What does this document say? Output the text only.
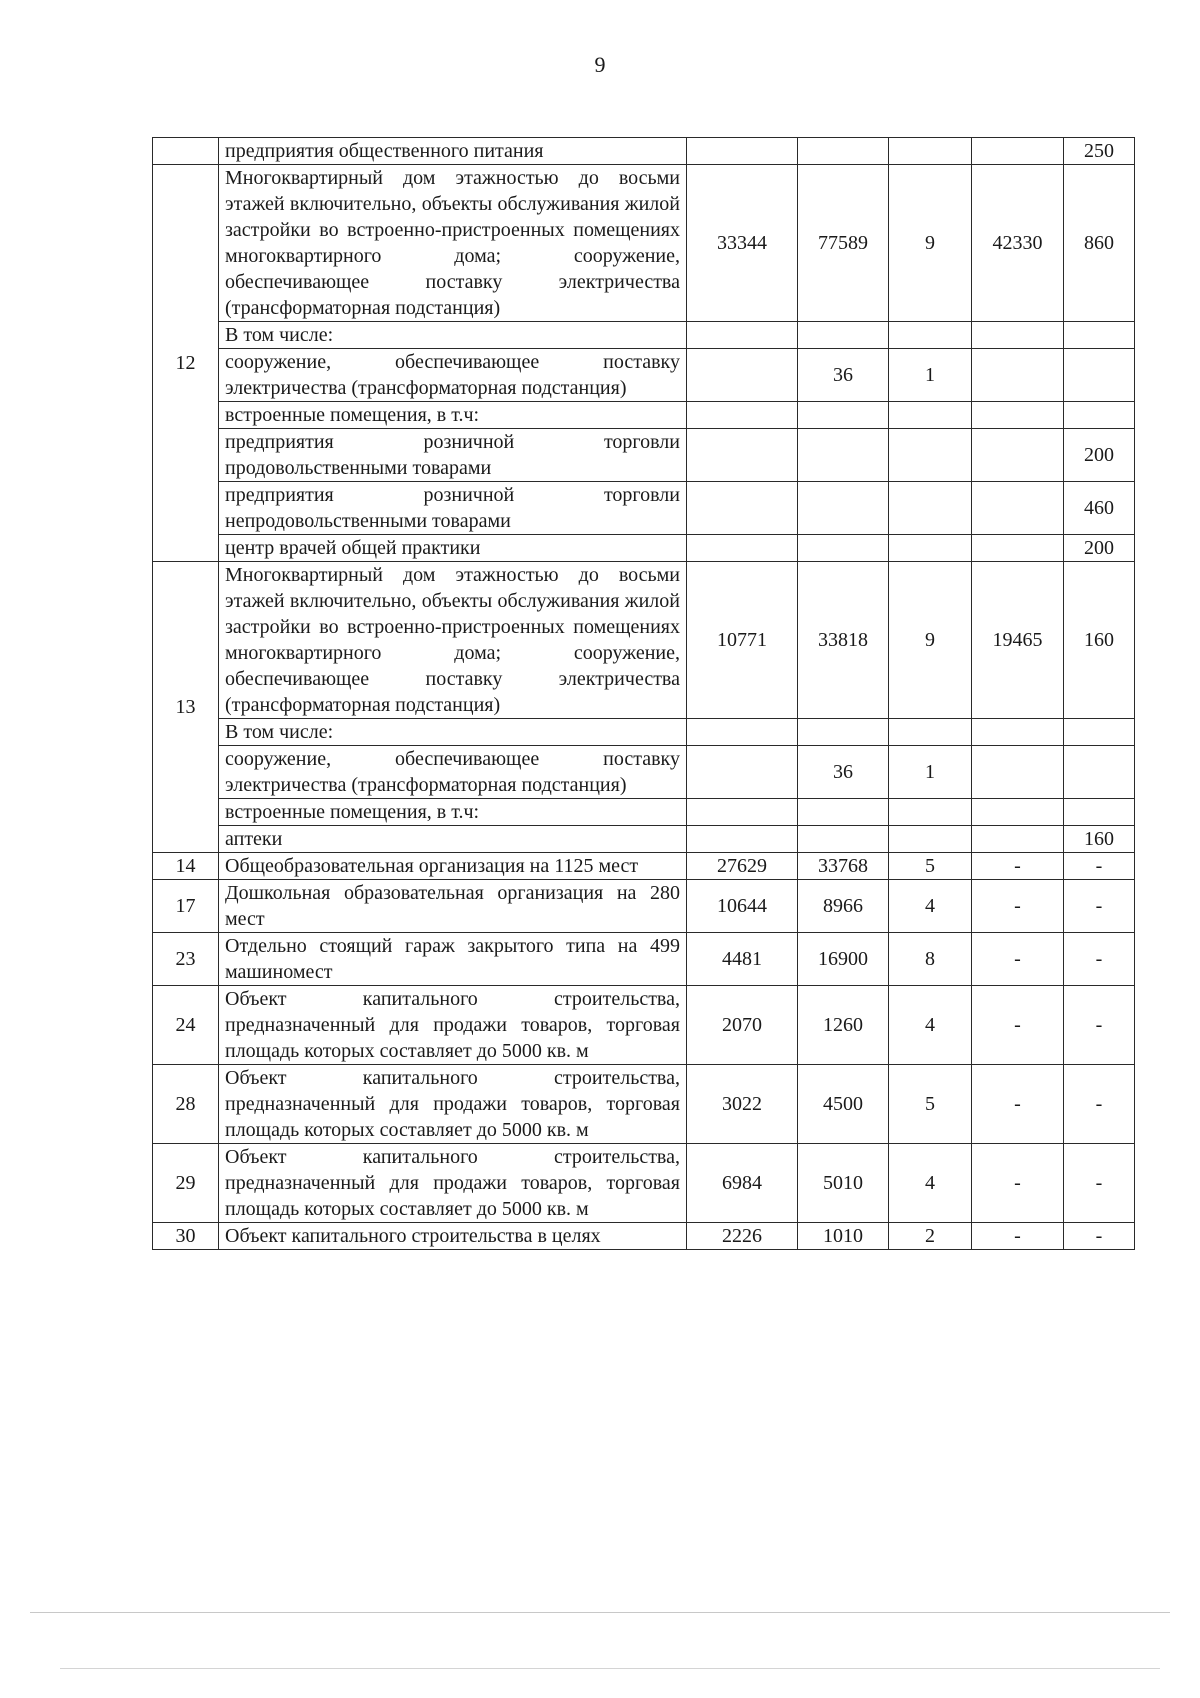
9
	предприятия общественного питания					250
12	Многоквартирный дом этажностью до восьми этажей включительно, объекты обслуживания жилой застройки во встроенно-пристроенных помещениях многоквартирного дома; сооружение, обеспечивающее поставку электричества (трансформаторная подстанция)	33344	77589	9	42330	860
	В том числе:					
	сооружение, обеспечивающее поставку электричества (трансформаторная подстанция)		36	1		
	встроенные помещения, в т.ч:					
	предприятия розничной торговли продовольственными товарами					200
	предприятия розничной торговли непродовольственными товарами					460
	центр врачей общей практики					200
13	Многоквартирный дом этажностью до восьми этажей включительно, объекты обслуживания жилой застройки во встроенно-пристроенных помещениях многоквартирного дома; сооружение, обеспечивающее поставку электричества (трансформаторная подстанция)	10771	33818	9	19465	160
	В том числе:					
	сооружение, обеспечивающее поставку электричества (трансформаторная подстанция)		36	1		
	встроенные помещения, в т.ч:					
	аптеки					160
14	Общеобразовательная организация на 1125 мест	27629	33768	5	-	-
17	Дошкольная образовательная организация на 280 мест	10644	8966	4	-	-
23	Отдельно стоящий гараж закрытого типа на 499 машиномест	4481	16900	8	-	-
24	Объект капитального строительства, предназначенный для продажи товаров, торговая площадь которых составляет до 5000 кв. м	2070	1260	4	-	-
28	Объект капитального строительства, предназначенный для продажи товаров, торговая площадь которых составляет до 5000 кв. м	3022	4500	5	-	-
29	Объект капитального строительства, предназначенный для продажи товаров, торговая площадь которых составляет до 5000 кв. м	6984	5010	4	-	-
30	Объект капитального строительства в целях	2226	1010	2	-	-
